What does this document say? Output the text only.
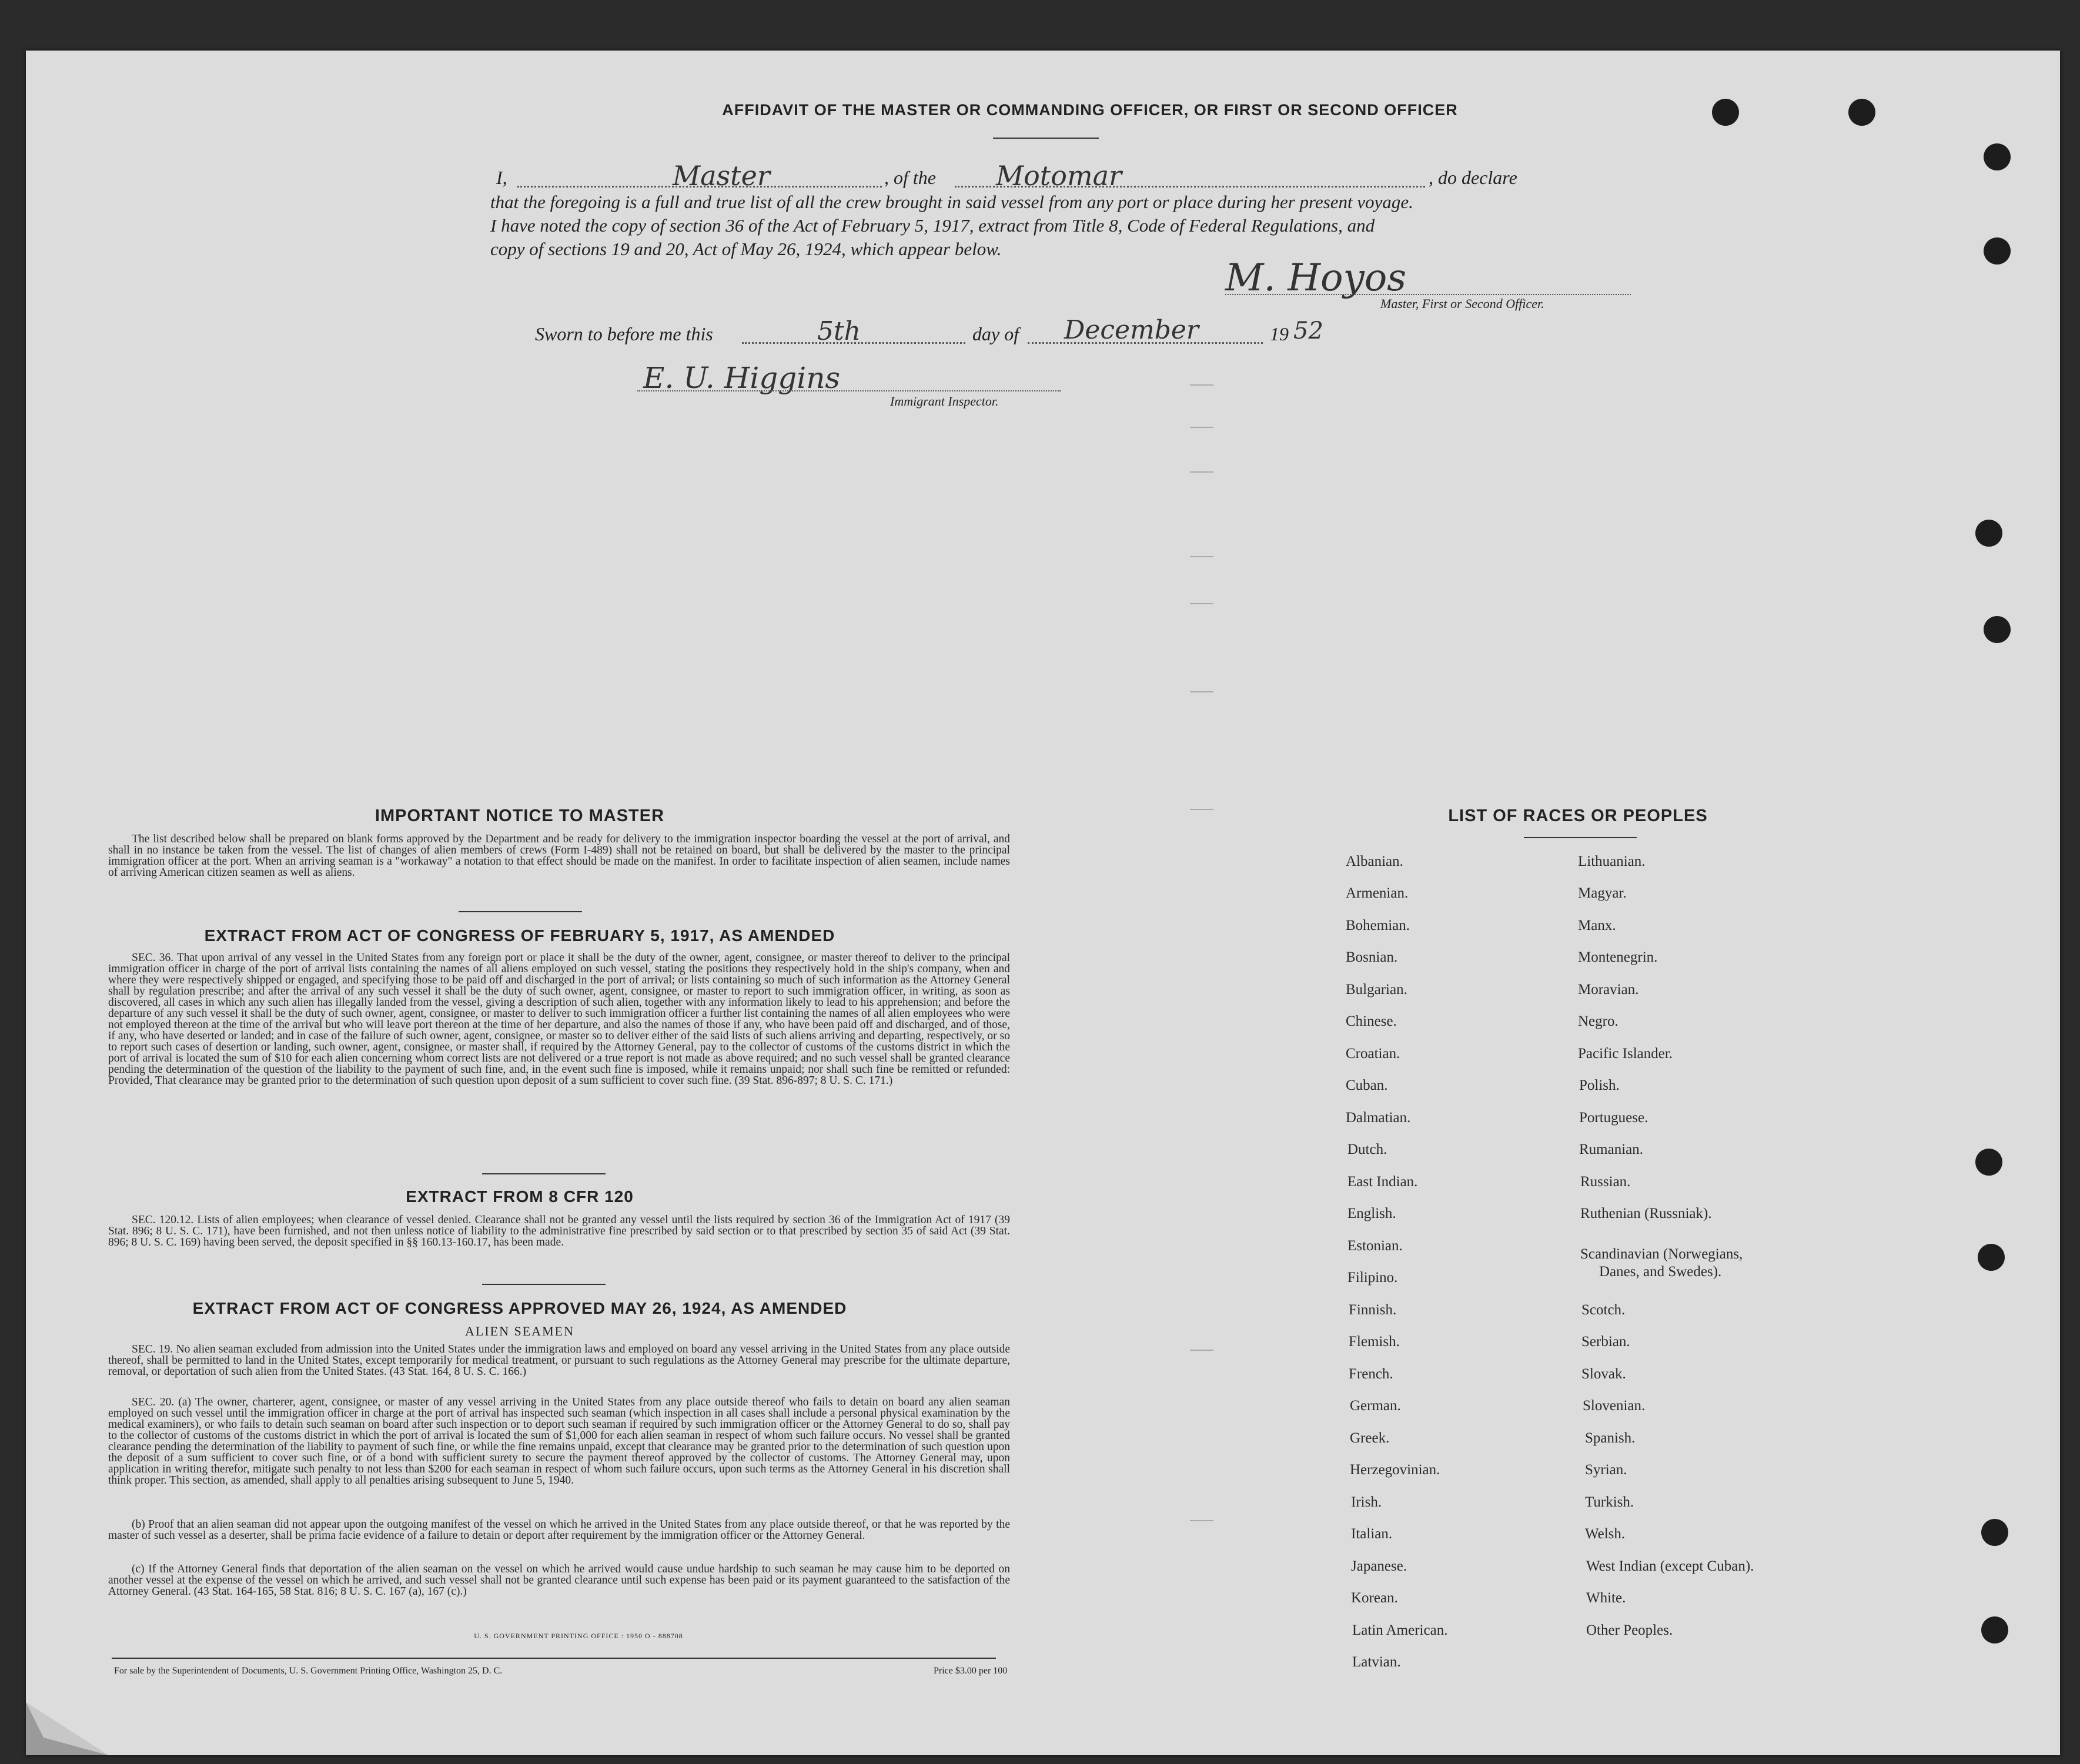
AFFIDAVIT OF THE MASTER OR COMMANDING OFFICER, OR FIRST OR SECOND OFFICER
I,	Master	, of the Motomar	, do declare
that the foregoing is a full and true list of all the crew brought in said vessel from any port or place during her present voyage.
I have noted the copy of section 36 of the Act of February 5, 1917, extract from Title 8, Code of Federal Regulations, and
copy of sections 19 and 20, Act of May 26, 1924, which appear below.
M. Hoyos
Master, First or Second Officer.
Sworn to before me this	5th	day of December	19 52
E. U. Higgins
Immigrant Inspector.
IMPORTANT NOTICE TO MASTER
The list described below shall be prepared on blank forms approved by the Department and be ready for delivery to the immigration inspector boarding the vessel at the port of arrival, and shall in no instance be taken from the vessel. The list of changes of alien members of crews (Form I-489) shall not be retained on board, but shall be delivered by the master to the principal immigration officer at the port. When an arriving seaman is a "workaway" a notation to that effect should be made on the manifest. In order to facilitate inspection of alien seamen, include names of arriving American citizen seamen as well as aliens.
EXTRACT FROM ACT OF CONGRESS OF FEBRUARY 5, 1917, AS AMENDED
SEC. 36. That upon arrival of any vessel in the United States from any foreign port or place it shall be the duty of the owner, agent, consignee, or master thereof to deliver to the principal immigration officer in charge of the port of arrival lists containing the names of all aliens employed on such vessel, stating the positions they respectively hold in the ship's company, when and where they were respectively shipped or engaged, and specifying those to be paid off and discharged in the port of arrival; or lists containing so much of such information as the Attorney General shall by regulation prescribe; and after the arrival of any such vessel it shall be the duty of such owner, agent, consignee, or master to report to such immigration officer, in writing, as soon as discovered, all cases in which any such alien has illegally landed from the vessel, giving a description of such alien, together with any information likely to lead to his apprehension; and before the departure of any such vessel it shall be the duty of such owner, agent, consignee, or master to deliver to such immigration officer a further list containing the names of all alien employees who were not employed thereon at the time of the arrival but who will leave port thereon at the time of her departure, and also the names of those if any, who have been paid off and discharged, and of those, if any, who have deserted or landed; and in case of the failure of such owner, agent, consignee, or master so to deliver either of the said lists of such aliens arriving and departing, respectively, or so to report such cases of desertion or landing, such owner, agent, consignee, or master shall, if required by the Attorney General, pay to the collector of customs of the customs district in which the port of arrival is located the sum of $10 for each alien concerning whom correct lists are not delivered or a true report is not made as above required; and no such vessel shall be granted clearance pending the determination of the question of the liability to the payment of such fine, and, in the event such fine is imposed, while it remains unpaid; nor shall such fine be remitted or refunded: Provided, That clearance may be granted prior to the determination of such question upon deposit of a sum sufficient to cover such fine. (39 Stat. 896-897; 8 U. S. C. 171.)
EXTRACT FROM 8 CFR 120
SEC. 120.12. Lists of alien employees; when clearance of vessel denied. Clearance shall not be granted any vessel until the lists required by section 36 of the Immigration Act of 1917 (39 Stat. 896; 8 U. S. C. 171), have been furnished, and not then unless notice of liability to the administrative fine prescribed by said section or to that prescribed by section 35 of said Act (39 Stat. 896; 8 U. S. C. 169) having been served, the deposit specified in §§ 160.13-160.17, has been made.
EXTRACT FROM ACT OF CONGRESS APPROVED MAY 26, 1924, AS AMENDED
ALIEN SEAMEN
SEC. 19. No alien seaman excluded from admission into the United States under the immigration laws and employed on board any vessel arriving in the United States from any place outside thereof, shall be permitted to land in the United States, except temporarily for medical treatment, or pursuant to such regulations as the Attorney General may prescribe for the ultimate departure, removal, or deportation of such alien from the United States. (43 Stat. 164, 8 U. S. C. 166.)
SEC. 20. (a) The owner, charterer, agent, consignee, or master of any vessel arriving in the United States from any place outside thereof who fails to detain on board any alien seaman employed on such vessel until the immigration officer in charge at the port of arrival has inspected such seaman (which inspection in all cases shall include a personal physical examination by the medical examiners), or who fails to detain such seaman on board after such inspection or to deport such seaman if required by such immigration officer or the Attorney General to do so, shall pay to the collector of customs of the customs district in which the port of arrival is located the sum of $1,000 for each alien seaman in respect of whom such failure occurs. No vessel shall be granted clearance pending the determination of the liability to payment of such fine, or while the fine remains unpaid, except that clearance may be granted prior to the determination of such question upon the deposit of a sum sufficient to cover such fine, or of a bond with sufficient surety to secure the payment thereof approved by the collector of customs. The Attorney General may, upon application in writing therefor, mitigate such penalty to not less than $200 for each seaman in respect of whom such failure occurs, upon such terms as the Attorney General in his discretion shall think proper. This section, as amended, shall apply to all penalties arising subsequent to June 5, 1940.
(b) Proof that an alien seaman did not appear upon the outgoing manifest of the vessel on which he arrived in the United States from any place outside thereof, or that he was reported by the master of such vessel as a deserter, shall be prima facie evidence of a failure to detain or deport after requirement by the immigration officer or the Attorney General.
(c) If the Attorney General finds that deportation of the alien seaman on the vessel on which he arrived would cause undue hardship to such seaman he may cause him to be deported on another vessel at the expense of the vessel on which he arrived, and such vessel shall not be granted clearance until such expense has been paid or its payment guaranteed to the satisfaction of the Attorney General. (43 Stat. 164-165, 58 Stat. 816; 8 U. S. C. 167 (a), 167 (c).)
U. S. GOVERNMENT PRINTING OFFICE : 1950 O - 888708
For sale by the Superintendent of Documents, U. S. Government Printing Office, Washington 25, D. C.	Price $3.00 per 100
LIST OF RACES OR PEOPLES
Albanian.
Armenian.
Bohemian.
Bosnian.
Bulgarian.
Chinese.
Croatian.
Cuban.
Dalmatian.
Dutch.
East Indian.
English.
Estonian.
Filipino.
Finnish.
Flemish.
French.
German.
Greek.
Herzegovinian.
Irish.
Italian.
Japanese.
Korean.
Latin American.
Latvian.
Lithuanian.
Magyar.
Manx.
Montenegrin.
Moravian.
Negro.
Pacific Islander.
Polish.
Portuguese.
Rumanian.
Russian.
Ruthenian (Russniak).
Scandinavian (Norwegians,
Danes, and Swedes).
Scotch.
Serbian.
Slovak.
Slovenian.
Spanish.
Syrian.
Turkish.
Welsh.
West Indian (except Cuban).
White.
Other Peoples.
